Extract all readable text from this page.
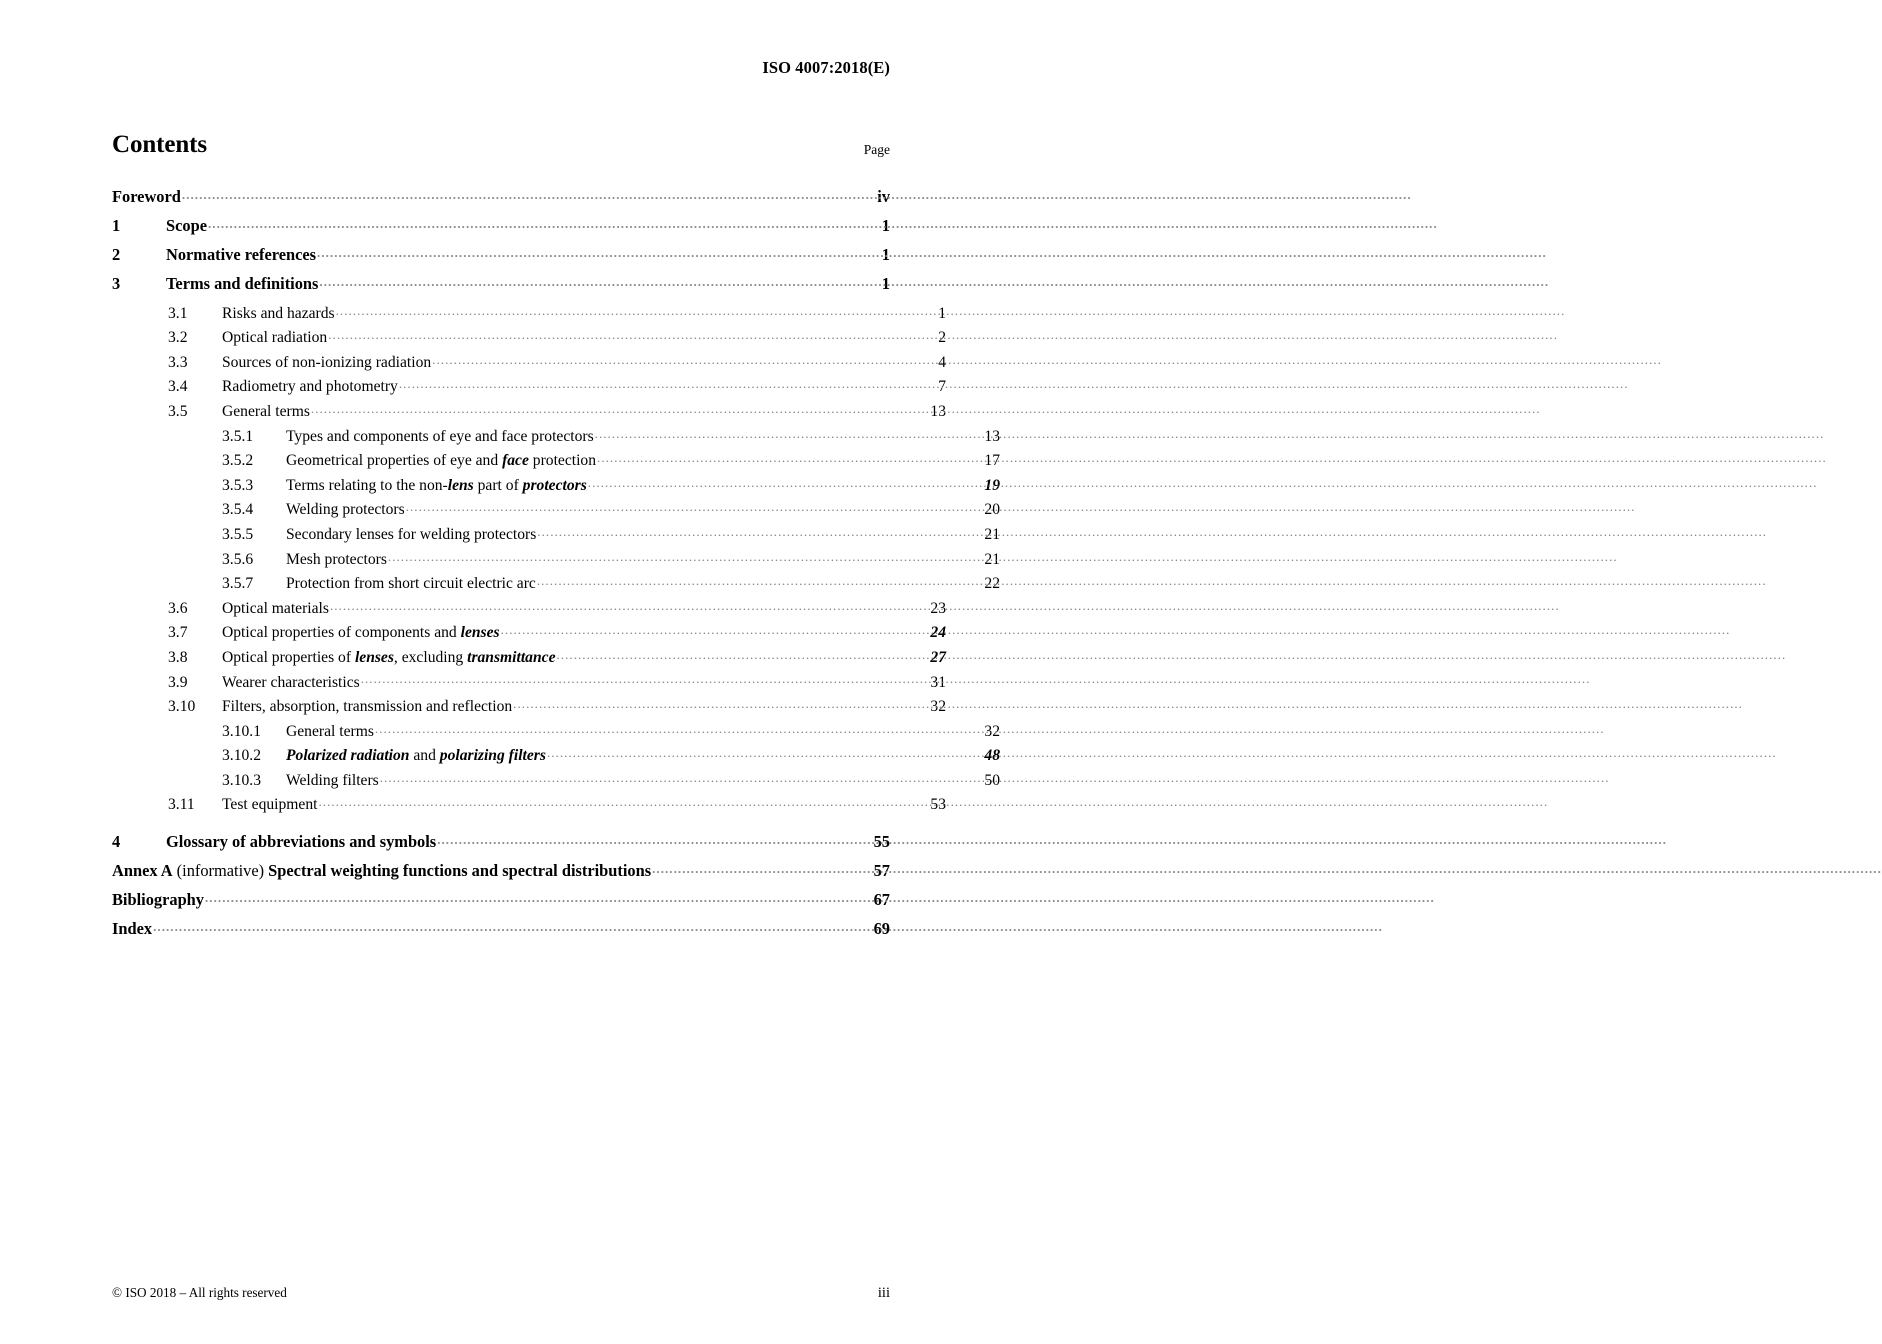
ISO 4007:2018(E)
Contents	Page
Foreword .....	iv
1	Scope .....	1
2	Normative references .....	1
3	Terms and definitions .....	1
3.1	Risks and hazards .....	1
3.2	Optical radiation .....	2
3.3	Sources of non-ionizing radiation .....	4
3.4	Radiometry and photometry .....	7
3.5	General terms .....	13
3.5.1	Types and components of eye and face protectors .....	13
3.5.2	Geometrical properties of eye and face protection .....	17
3.5.3	Terms relating to the non-lens part of protectors .....	19
3.5.4	Welding protectors .....	20
3.5.5	Secondary lenses for welding protectors .....	21
3.5.6	Mesh protectors .....	21
3.5.7	Protection from short circuit electric arc .....	22
3.6	Optical materials .....	23
3.7	Optical properties of components and lenses .....	24
3.8	Optical properties of lenses, excluding transmittance .....	27
3.9	Wearer characteristics .....	31
3.10	Filters, absorption, transmission and reflection .....	32
3.10.1	General terms .....	32
3.10.2	Polarized radiation and polarizing filters .....	48
3.10.3	Welding filters .....	50
3.11	Test equipment .....	53
4	Glossary of abbreviations and symbols .....	55
Annex A (informative) Spectral weighting functions and spectral distributions .....	57
Bibliography .....	67
Index .....	69
© ISO 2018 – All rights reserved	iii
